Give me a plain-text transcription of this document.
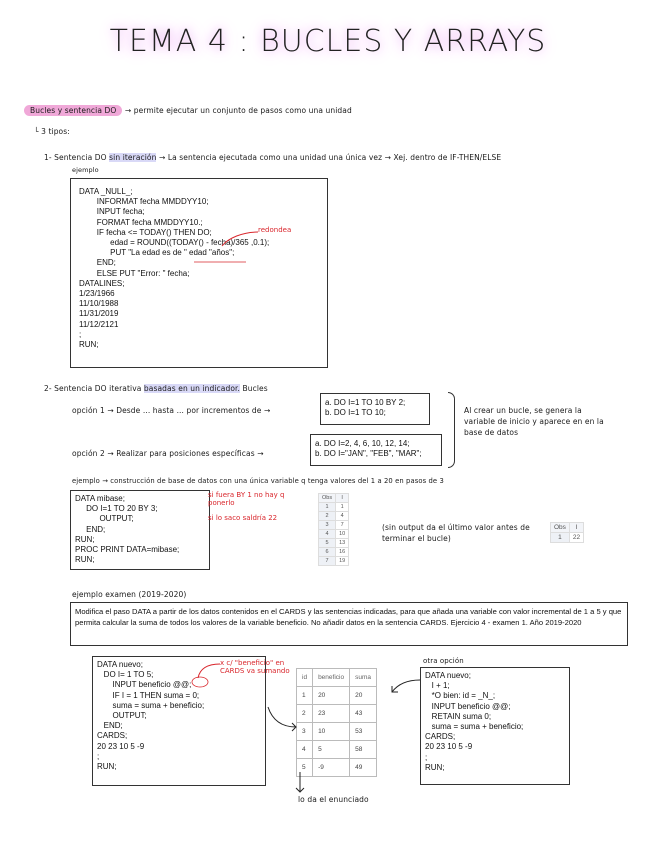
TEMA 4 : BUCLES Y ARRAYS
Bucles y sentencia DO → permite ejecutar un conjunto de pasos como una unidad
└ 3 tipos:
1- Sentencia DO sin iteración → La sentencia ejecutada como una unidad una única vez → Xej. dentro de IF-THEN/ELSE
ejemplo
DATA _NULL_;
INFORMAT fecha MMDDYY10;
INPUT fecha;
FORMAT fecha MMDDYY10.;
IF fecha <= TODAY() THEN DO;
edad = ROUND((TODAY() - fecha)/365 ,0.1);
PUT "La edad es de " edad "años";
END;
ELSE PUT "Error: " fecha;
DATALINES;
1/23/1966
11/10/1988
11/31/2019
11/12/2121
;
RUN;
redondea
2- Sentencia DO iterativa basadas en un indicador. Bucles
opción 1 → Desde ... hasta ... por incrementos de →
a. DO I=1 TO 10 BY 2;
b. DO I=1 TO 10;
opción 2 → Realizar para posiciones específicas →
a. DO I=2, 4, 6, 10, 12, 14;
b. DO I="JAN", "FEB", "MAR";
Al crear un bucle, se genera la variable de inicio y aparece en en la base de datos
ejemplo → construcción de base de datos con una única variable q tenga valores del 1 a 20 en pasos de 3
DATA mibase;
DO I=1 TO 20 BY 3;
OUTPUT;
END;
RUN;
PROC PRINT DATA=mibase;
RUN;
si fuera BY 1 no hay q ponerlo
si lo saco saldría 22
Obs	I
1	1
2	4
3	7
4	10
5	13
6	16
7	19
(sin output da el último valor antes de terminar el bucle)
Obs	I
1	22
ejemplo examen (2019-2020)
Modifica el paso DATA a partir de los datos contenidos en el CARDS y las sentencias indicadas, para que añada una variable con valor incremental de 1 a 5 y que permita calcular la suma de todos los valores de la variable beneficio. No añadir datos en la sentencia CARDS. Ejercicio 4 - examen 1. Año 2019-2020
DATA nuevo;
DO I= 1 TO 5;
INPUT beneficio @@;
IF I = 1 THEN suma = 0;
suma = suma + beneficio;
OUTPUT;
END;
CARDS;
20 23 10 5 -9
;
RUN;
x c/ "beneficio" en CARDS va sumando
id	beneficio	suma
1	20	20
2	23	43
3	10	53
4	5	58
5	-9	49
lo da el enunciado
otra opción
DATA nuevo;
I + 1;
*O bien: id = _N_;
INPUT beneficio @@;
RETAIN suma 0;
suma = suma + beneficio;
CARDS;
20 23 10 5 -9
;
RUN;
